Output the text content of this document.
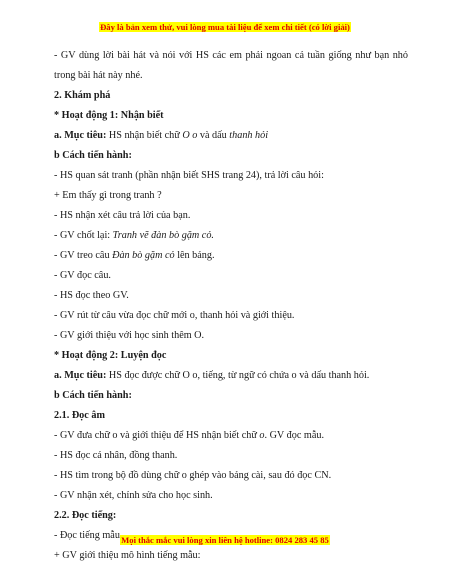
Đây là bản xem thử, vui lòng mua tài liệu để xem chi tiết (có lời giải)
- GV dùng lời bài hát và nói với HS các em phải ngoan cả tuần giống như bạn nhỏ trong bài hát này nhé.
2. Khám phá
* Hoạt động 1: Nhận biết
a. Mục tiêu: HS nhận biết chữ O o và dấu thanh hỏi
b Cách tiến hành:
- HS quan sát tranh (phần nhận biết SHS trang 24), trả lời câu hỏi:
+ Em thấy gì trong tranh ?
- HS nhận xét câu trả lời của bạn.
- GV chốt lại: Tranh vẽ đàn bò gặm cỏ.
- GV treo câu Đàn bò gặm cỏ lên bảng.
- GV đọc câu.
- HS đọc theo GV.
- GV rút từ câu vừa đọc chữ mới o, thanh hỏi và giới thiệu.
- GV giới thiệu với học sinh thêm O.
* Hoạt động 2: Luyện đọc
a. Mục tiêu: HS đọc được chữ O o, tiếng, từ ngữ có chứa o và dấu thanh hỏi.
b Cách tiến hành:
2.1. Đọc âm
- GV đưa chữ o và giới thiệu để HS nhận biết chữ o. GV đọc mẫu.
- HS đọc cá nhân, đồng thanh.
- HS tìm trong bộ đồ dùng chữ o ghép vào bảng cài, sau đó đọc CN.
- GV nhận xét, chỉnh sửa cho học sinh.
2.2. Đọc tiếng:
- Đọc tiếng mẫu
+ GV giới thiệu mô hình tiếng mẫu:
Mọi thắc mắc vui lòng xin liên hệ hotline: 0824 283 45 85
